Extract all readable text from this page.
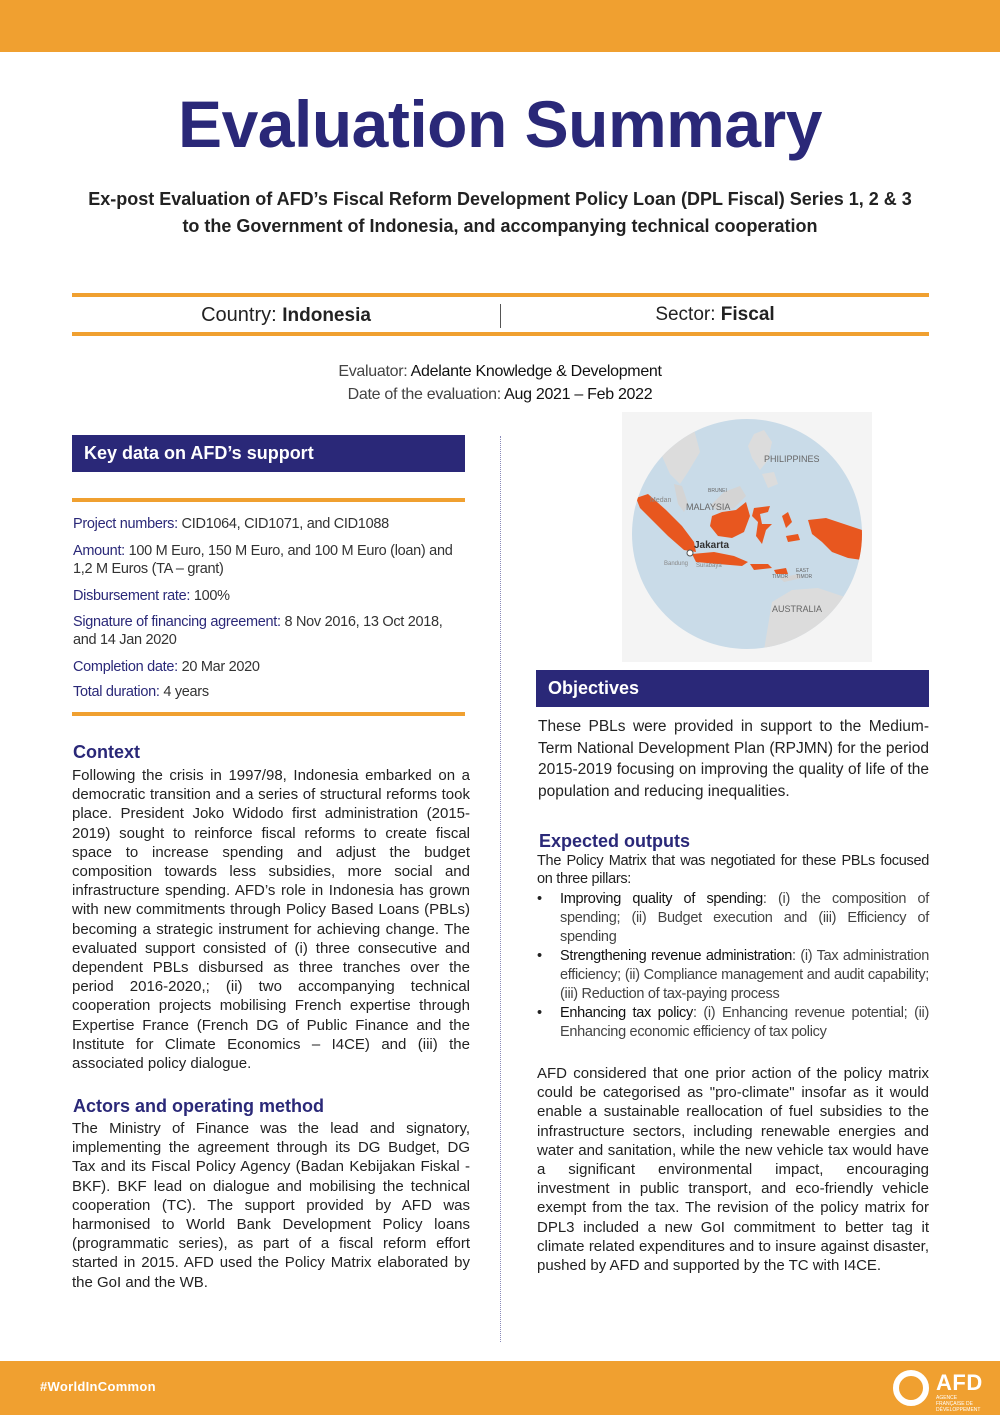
Evaluation Summary

Ex-post Evaluation of AFD’s Fiscal Reform Development Policy Loan (DPL Fiscal) Series 1, 2 & 3 to the Government of Indonesia, and accompanying technical cooperation

Country: Indonesia	Sector: Fiscal
Evaluator: Adelante Knowledge & Development
Date of the evaluation: Aug 2021 – Feb 2022
Key data on AFD’s support
Project numbers: CID1064, CID1071, and CID1088
Amount: 100 M Euro, 150 M Euro, and 100 M Euro (loan) and 1,2 M Euros (TA – grant)
Disbursement rate: 100%
Signature of financing agreement: 8 Nov 2016, 13 Oct 2018, and 14 Jan 2020
Completion date: 20 Mar 2020
Total duration: 4 years
Context

Following the crisis in 1997/98, Indonesia embarked on a democratic transition and a series of structural reforms took place. President Joko Widodo first administration (2015-2019) sought to reinforce fiscal reforms to create fiscal space to increase spending and adjust the budget composition towards less subsidies, more social and infrastructure spending. AFD’s role in Indonesia has grown with new commitments through Policy Based Loans (PBLs) becoming a strategic instrument for achieving change. The evaluated support consisted of (i) three consecutive and dependent PBLs disbursed as three tranches over the period 2016-2020,; (ii) two accompanying technical cooperation projects mobilising French expertise through Expertise France (French DG of Public Finance and the Institute for Climate Economics – I4CE) and (iii) the associated policy dialogue.

Actors and operating method

The Ministry of Finance was the lead and signatory, implementing the agreement through its DG Budget, DG Tax and its Fiscal Policy Agency (Badan Kebijakan Fiskal - BKF). BKF lead on dialogue and mobilising the technical cooperation (TC). The support provided by AFD was harmonised to World Bank Development Policy loans (programmatic series), as part of a fiscal reform effort started in 2015. AFD used the Policy Matrix elaborated by the GoI and the WB.

PHILIPPINES
BRUNEI
MALAYSIA
Medan
Jakarta
Bandung Surabaya
TIMOR
EAST
TIMOR
AUSTRALIA
Objectives

These PBLs were provided in support to the Medium-Term National Development Plan (RPJMN) for the period 2015-2019 focusing on improving the quality of life of the population and reducing inequalities.

Expected outputs

The Policy Matrix that was negotiated for these PBLs focused on three pillars:

• Improving quality of spending: (i) the composition of spending; (ii) Budget execution and (iii) Efficiency of spending
• Strengthening revenue administration: (i) Tax administration efficiency; (ii) Compliance management and audit capability; (iii) Reduction of tax-paying process
• Enhancing tax policy: (i) Enhancing revenue potential; (ii) Enhancing economic efficiency of tax policy

AFD considered that one prior action of the policy matrix could be categorised as "pro-climate" insofar as it would enable a sustainable reallocation of fuel subsidies to the infrastructure sectors, including renewable energies and water and sanitation, while the new vehicle tax would have a significant environmental impact, encouraging investment in public transport, and eco-friendly vehicle exempt from the tax. The revision of the policy matrix for DPL3 included a new GoI commitment to better tag it climate related expenditures and to insure against disaster, pushed by AFD and supported by the TC with I4CE.

#WorldInCommon	AFD
AGENCE FRANÇAISE DE DÉVELOPPEMENT
